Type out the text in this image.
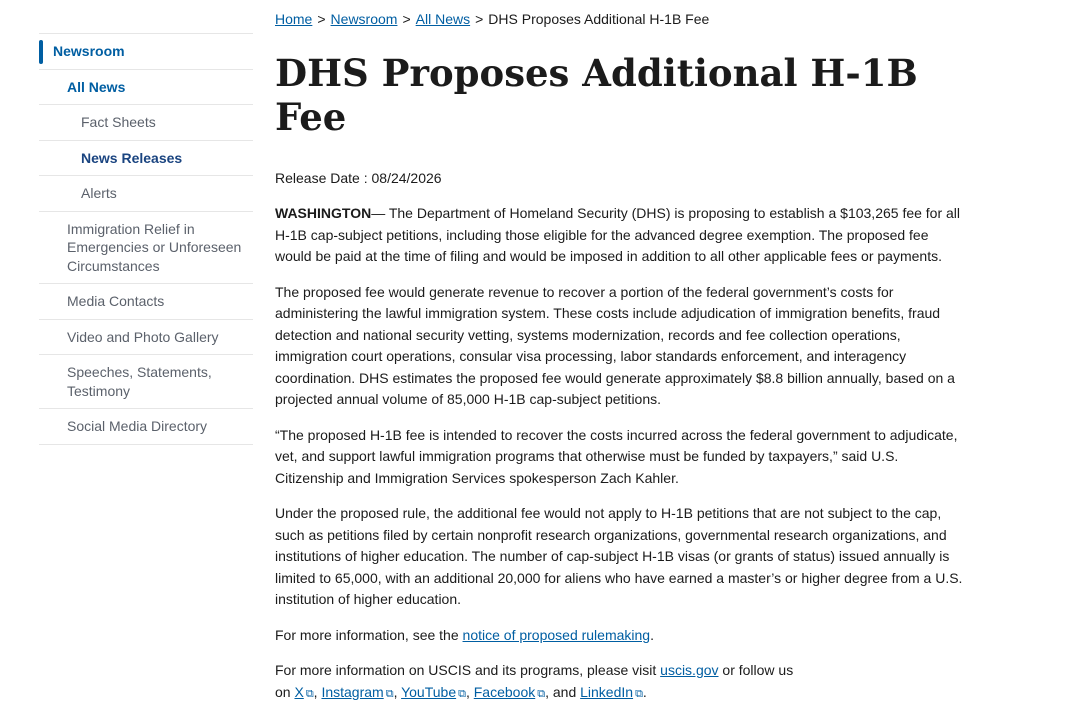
Newsroom
All News
Fact Sheets
News Releases
Alerts
Immigration Relief in Emergencies or Unforeseen Circumstances
Media Contacts
Video and Photo Gallery
Speeches, Statements, Testimony
Social Media Directory
Home > Newsroom > All News > DHS Proposes Additional H-1B Fee
DHS Proposes Additional H-1B Fee
Release Date : 08/24/2026

WASHINGTON— The Department of Homeland Security (DHS) is proposing to establish a $103,265 fee for all H-1B cap-subject petitions, including those eligible for the advanced degree exemption. The proposed fee would be paid at the time of filing and would be imposed in addition to all other applicable fees or payments.

The proposed fee would generate revenue to recover a portion of the federal government’s costs for administering the lawful immigration system. These costs include adjudication of immigration benefits, fraud detection and national security vetting, systems modernization, records and fee collection operations, immigration court operations, consular visa processing, labor standards enforcement, and interagency coordination. DHS estimates the proposed fee would generate approximately $8.8 billion annually, based on a projected annual volume of 85,000 H-1B cap-subject petitions.

“The proposed H-1B fee is intended to recover the costs incurred across the federal government to adjudicate, vet, and support lawful immigration programs that otherwise must be funded by taxpayers,” said U.S. Citizenship and Immigration Services spokesperson Zach Kahler.

Under the proposed rule, the additional fee would not apply to H-1B petitions that are not subject to the cap, such as petitions filed by certain nonprofit research organizations, governmental research organizations, and institutions of higher education. The number of cap-subject H-1B visas (or grants of status) issued annually is limited to 65,000, with an additional 20,000 for aliens who have earned a master’s or higher degree from a U.S. institution of higher education.

For more information, see the notice of proposed rulemaking.

For more information on USCIS and its programs, please visit uscis.gov or follow us
on X ⧉, Instagram ⧉, YouTube ⧉, Facebook ⧉, and LinkedIn ⧉.
